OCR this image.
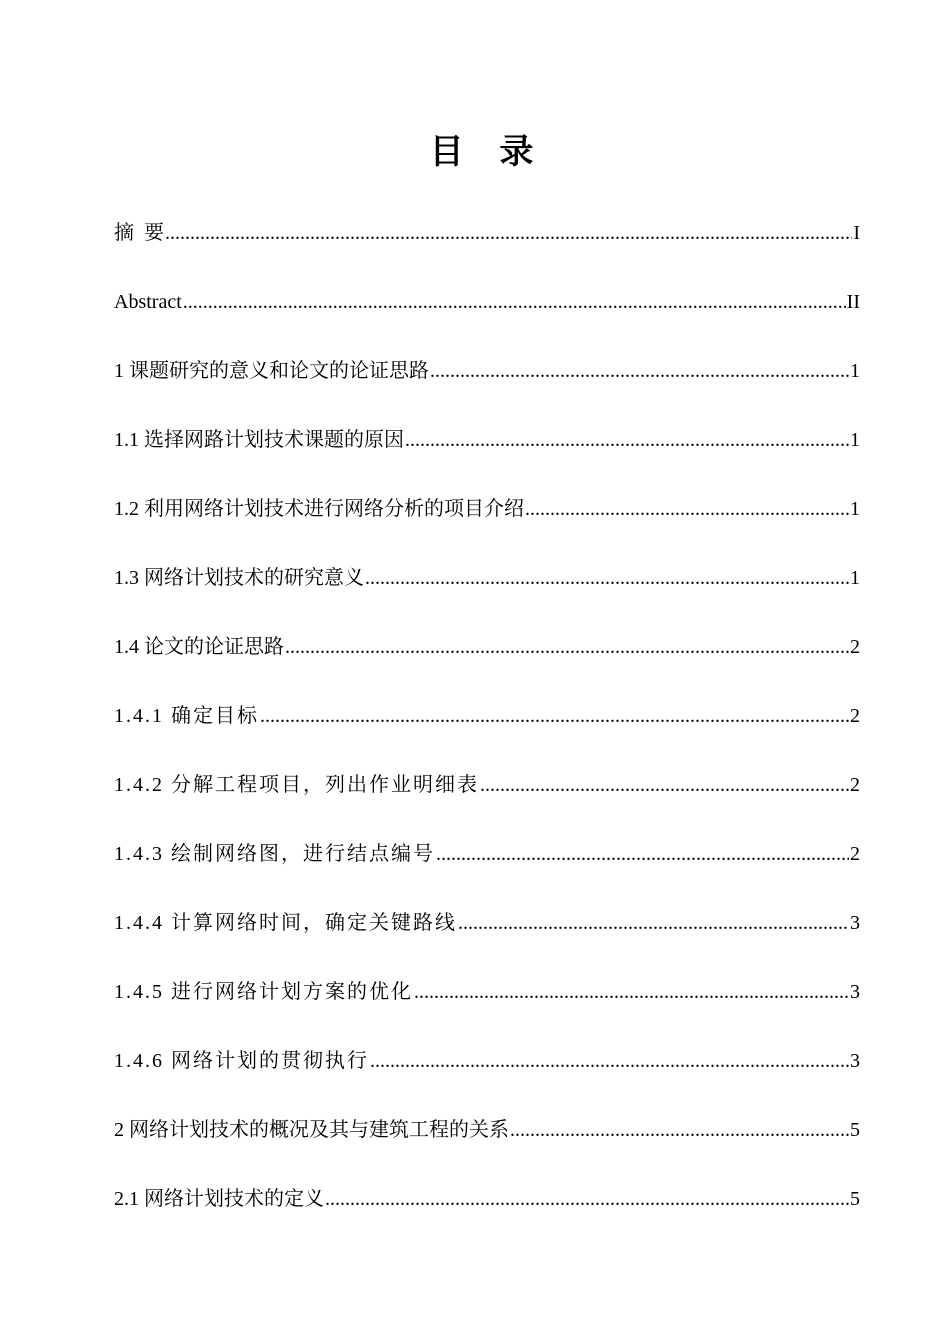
目 录
摘  要 .....	I
Abstract .....	II
1 课题研究的意义和论文的论证思路 .....	1
1.1 选择网路计划技术课题的原因 .....	1
1.2 利用网络计划技术进行网络分析的项目介绍 .....	1
1.3 网络计划技术的研究意义 .....	1
1.4 论文的论证思路 .....	2
1.4.1 确定目标 .....	2
1.4.2 分解工程项目，列出作业明细表 .....	2
1.4.3 绘制网络图，进行结点编号 .....	2
1.4.4 计算网络时间，确定关键路线 .....	3
1.4.5 进行网络计划方案的优化 .....	3
1.4.6 网络计划的贯彻执行 .....	3
2 网络计划技术的概况及其与建筑工程的关系 .....	5
2.1 网络计划技术的定义 .....	5
